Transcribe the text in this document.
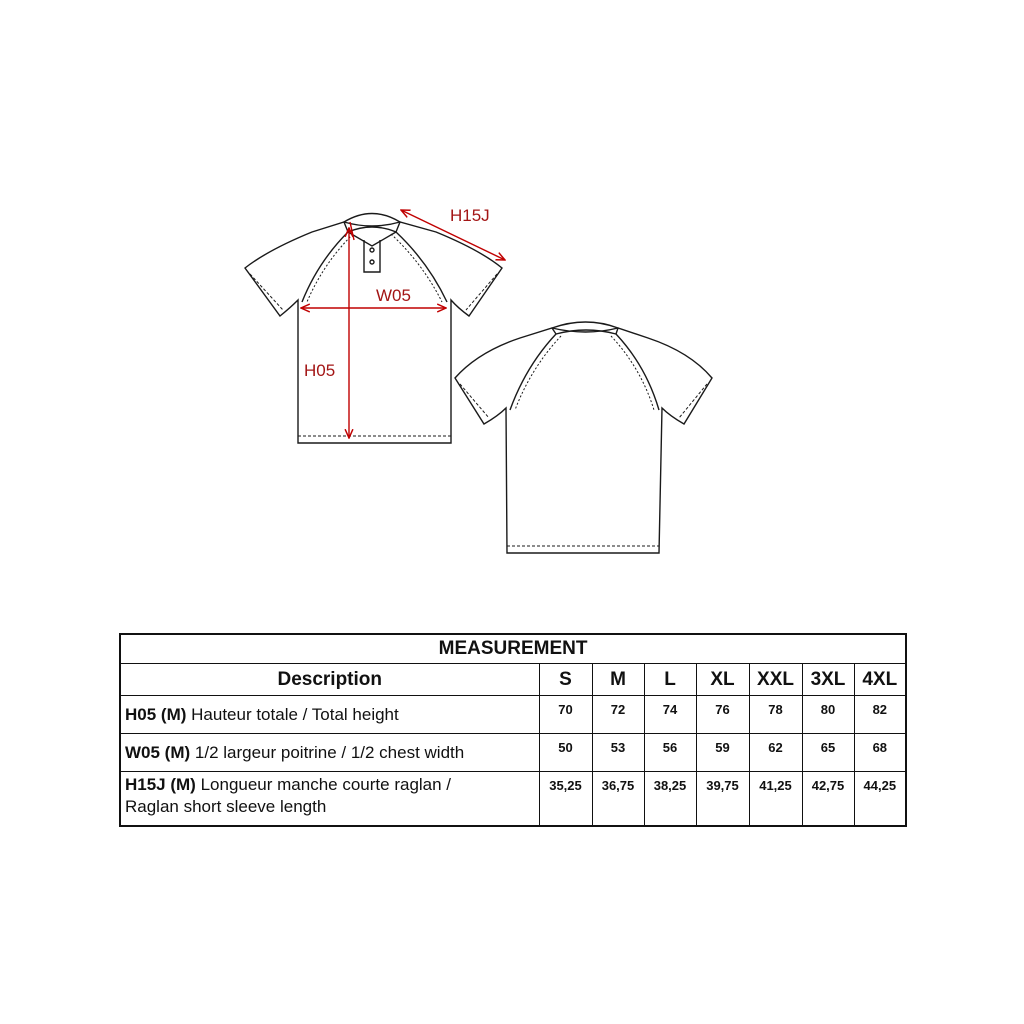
H15J
W05
H05
MEASUREMENT							
Description	S	M	L	XL	XXL	3XL	4XL
H05 (M) Hauteur totale / Total height	70	72	74	76	78	80	82
W05 (M) 1/2 largeur poitrine / 1/2 chest width	50	53	56	59	62	65	68
H15J (M) Longueur manche courte raglan /
Raglan short sleeve length	35,25	36,75	38,25	39,75	41,25	42,75	44,25
